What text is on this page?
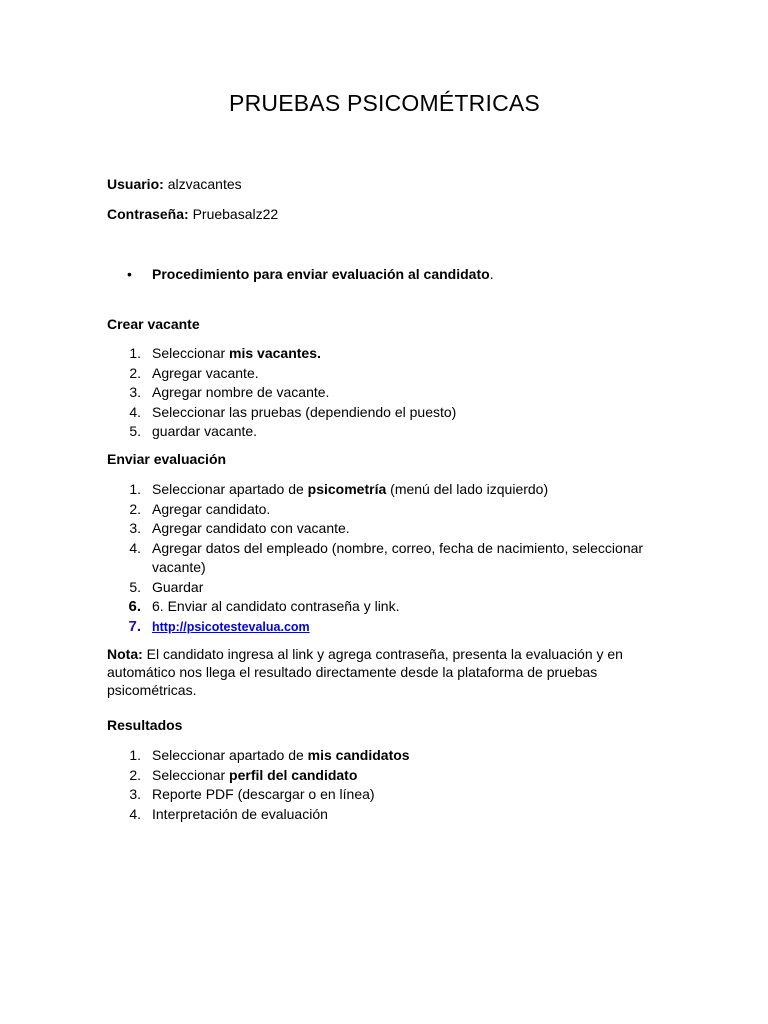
PRUEBAS PSICOMÉTRICAS
Usuario: alzvacantes
Contraseña: Pruebasalz22
• Procedimiento para enviar evaluación al candidato.
Crear vacante
1. Seleccionar mis vacantes.
2. Agregar vacante.
3. Agregar nombre de vacante.
4. Seleccionar las pruebas (dependiendo el puesto)
5. guardar vacante.
Enviar evaluación
1. Seleccionar apartado de psicometría (menú del lado izquierdo)
2. Agregar candidato.
3. Agregar candidato con vacante.
4. Agregar datos del empleado (nombre, correo, fecha de nacimiento, seleccionar vacante)
5. Guardar
6. 6. Enviar al candidato contraseña y link.
7. http://psicotestevalua.com
Nota: El candidato ingresa al link y agrega contraseña, presenta la evaluación y en automático nos llega el resultado directamente desde la plataforma de pruebas psicométricas.
Resultados
1. Seleccionar apartado de mis candidatos
2. Seleccionar perfil del candidato
3. Reporte PDF (descargar o en línea)
4. Interpretación de evaluación
